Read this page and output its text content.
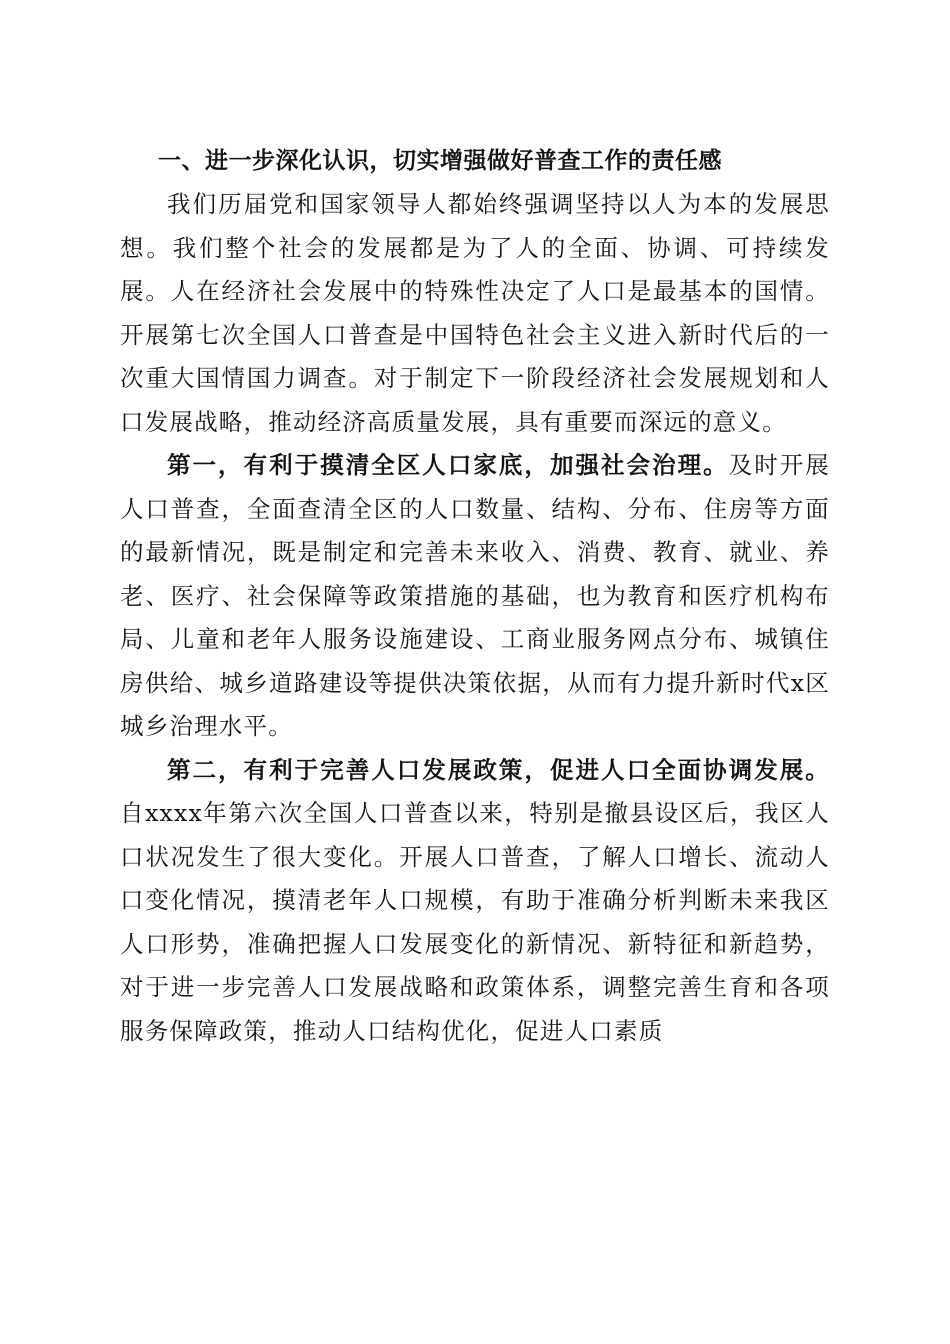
一、进一步深化认识，切实增强做好普查工作的责任感

我们历届党和国家领导人都始终强调坚持以人为本的发展思想。我们整个社会的发展都是为了人的全面、协调、可持续发展。人在经济社会发展中的特殊性决定了人口是最基本的国情。开展第七次全国人口普查是中国特色社会主义进入新时代后的一次重大国情国力调查。对于制定下一阶段经济社会发展规划和人口发展战略，推动经济高质量发展，具有重要而深远的意义。

第一，有利于摸清全区人口家底，加强社会治理。及时开展人口普查，全面查清全区的人口数量、结构、分布、住房等方面的最新情况，既是制定和完善未来收入、消费、教育、就业、养老、医疗、社会保障等政策措施的基础，也为教育和医疗机构布局、儿童和老年人服务设施建设、工商业服务网点分布、城镇住房供给、城乡道路建设等提供决策依据，从而有力提升新时代x区城乡治理水平。

第二，有利于完善人口发展政策，促进人口全面协调发展。自xxxx年第六次全国人口普查以来，特别是撤县设区后，我区人口状况发生了很大变化。开展人口普查，了解人口增长、流动人口变化情况，摸清老年人口规模，有助于准确分析判断未来我区人口形势，准确把握人口发展变化的新情况、新特征和新趋势，对于进一步完善人口发展战略和政策体系，调整完善生育和各项服务保障政策，推动人口结构优化，促进人口素质
